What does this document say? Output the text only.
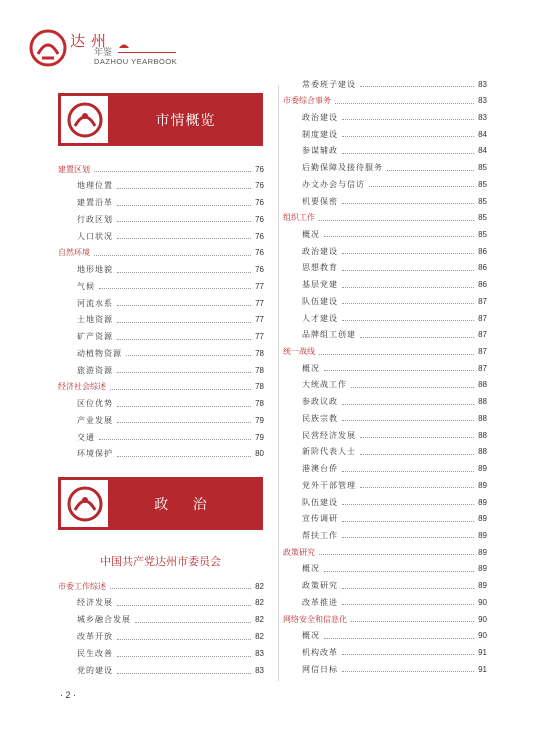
达州
年鉴
DAZHOU YEARBOOK
市情概览
政 治
中国共产党达州市委员会
建置区划	76
地理位置	76
建置沿革	76
行政区划	76
人口状况	76
自然环境	76
地形地貌	76
气候	77
河流水系	77
土地资源	77
矿产资源	77
动植物资源	78
旅游资源	78
经济社会综述	78
区位优势	78
产业发展	79
交通	79
环境保护	80
市委工作综述	82
经济发展	82
城乡融合发展	82
改革开放	82
民生改善	83
党的建设	83
常委班子建设	83
市委综合事务	83
政治建设	83
制度建设	84
参谋辅政	84
后勤保障及接待服务	85
办文办会与信访	85
机要保密	85
组织工作	85
概况	85
政治建设	86
思想教育	86
基层党建	86
队伍建设	87
人才建设	87
品牌组工创建	87
统一战线	87
概况	87
大统战工作	88
参政议政	88
民族宗教	88
民营经济发展	88
新阶代表人士	88
港澳台侨	89
党外干部管理	89
队伍建设	89
宣传调研	89
帮扶工作	89
政策研究	89
概况	89
政策研究	89
改革推进	90
网络安全和信息化	90
概况	90
机构改革	91
网信日标	91
· 2 ·
